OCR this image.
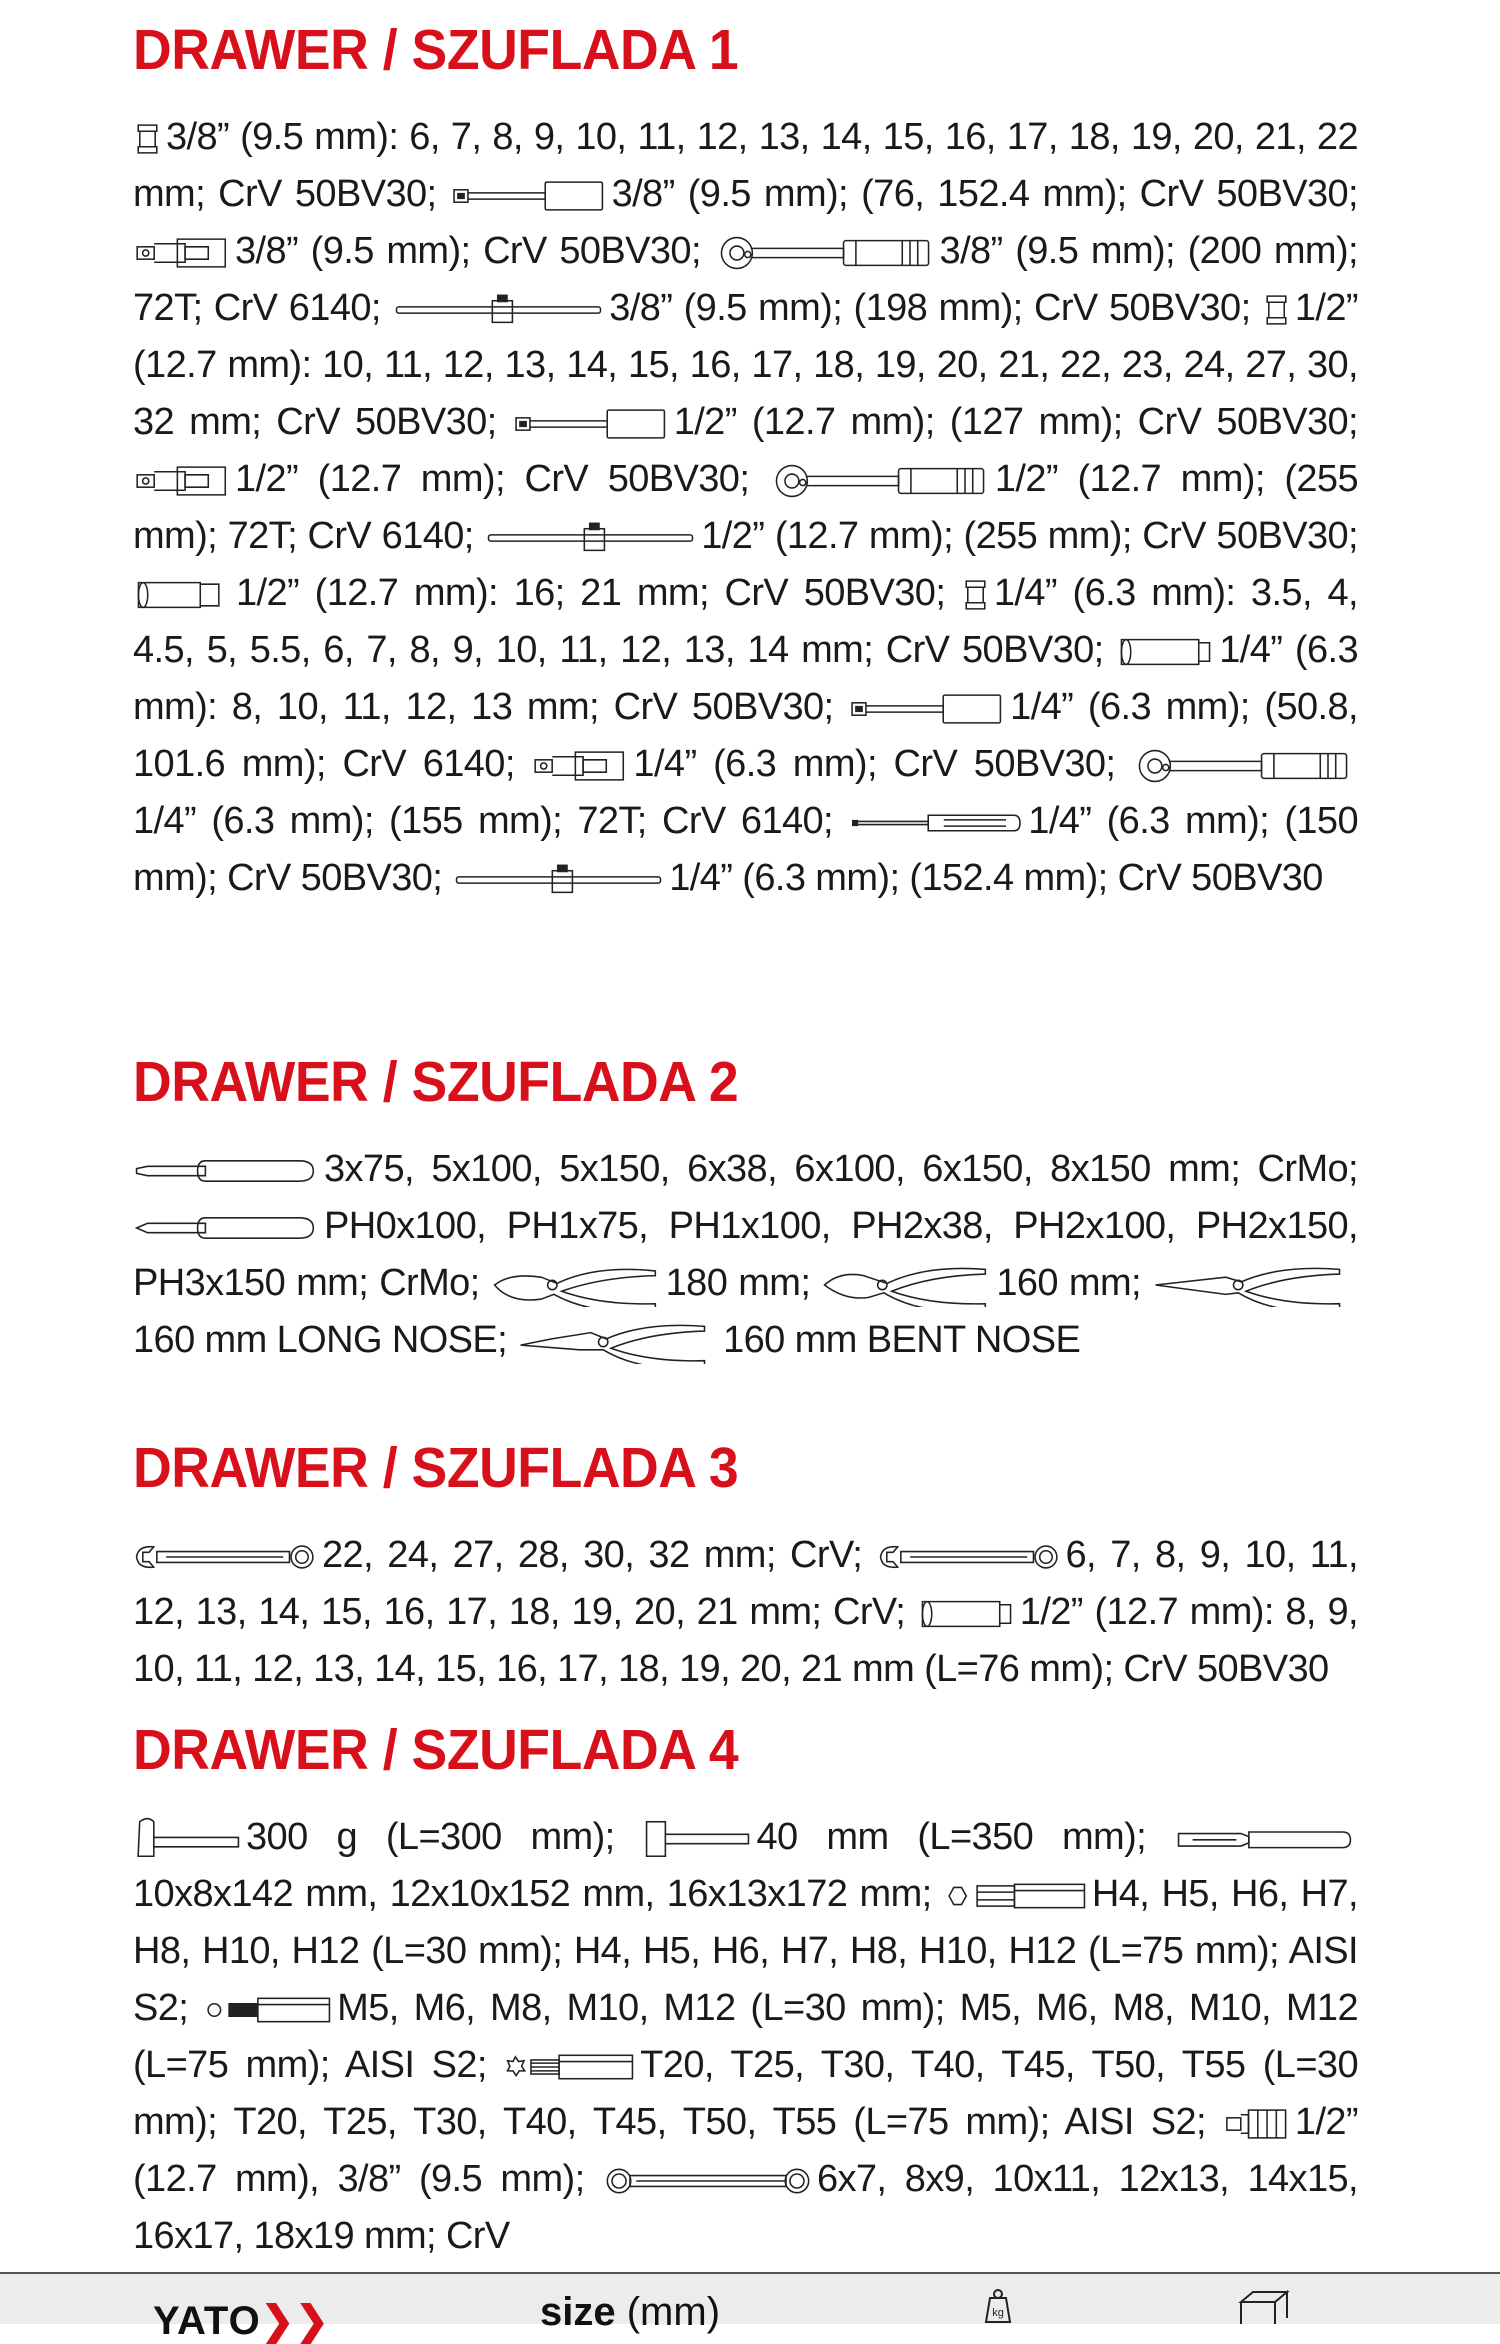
DRAWER / SZUFLADA 1

3/8” (9.5 mm): 6, 7, 8, 9, 10, 11, 12, 13, 14, 15, 16, 17, 18, 19, 20, 21, 22 mm; CrV 50BV30;	3/8” (9.5 mm); (76, 152.4 mm); CrV 50BV30;
3/8” (9.5 mm); CrV 50BV30;	3/8” (9.5 mm); (200 mm); 72T; CrV 6140;	3/8” (9.5 mm); (198 mm); CrV 50BV30;
1/2” (12.7 mm): 10, 11, 12, 13, 14, 15, 16, 17, 18, 19, 20, 21, 22, 23, 24, 27, 30, 32 mm; CrV 50BV30;	1/2” (12.7 mm); (127 mm); CrV 50BV30;
1/2” (12.7 mm); CrV 50BV30;	1/2” (12.7 mm); (255 mm); 72T; CrV 6140;	1/2” (12.7 mm); (255 mm); CrV 50BV30;
1/2” (12.7 mm): 16; 21 mm; CrV 50BV30;
1/4” (6.3 mm): 3.5, 4, 4.5, 5, 5.5, 6, 7, 8, 9, 10, 11, 12, 13, 14 mm; CrV 50BV30;	1/4” (6.3 mm): 8, 10, 11, 12, 13 mm; CrV 50BV30;	1/4” (6.3 mm); (50.8, 101.6 mm); CrV 6140;	1/4” (6.3 mm); CrV 50BV30;
1/4” (6.3 mm); (155 mm); 72T; CrV 6140;	1/4” (6.3 mm); (150 mm); CrV 50BV30;	1/4” (6.3 mm); (152.4 mm); CrV 50BV30

DRAWER / SZUFLADA 2

3x75, 5x100, 5x150, 6x38, 6x100, 6x150, 8x150 mm; CrMo;
PH0x100, PH1x75, PH1x100, PH2x38, PH2x100, PH2x150, PH3x150 mm; CrMo;	180 mm;	160 mm;
160 mm LONG NOSE;	160 mm BENT NOSE

DRAWER / SZUFLADA 3

22, 24, 27, 28, 30, 32 mm; CrV;	6, 7, 8, 9, 10, 11, 12, 13, 14, 15, 16, 17, 18, 19, 20, 21 mm; CrV;	1/2” (12.7 mm): 8, 9, 10, 11, 12, 13, 14, 15, 16, 17, 18, 19, 20, 21 mm (L=76 mm); CrV 50BV30

DRAWER / SZUFLADA 4

300 g (L=300 mm);	40 mm (L=350 mm);
10x8x142 mm, 12x10x152 mm, 16x13x172 mm;	H4, H5, H6, H7, H8, H10, H12 (L=30 mm); H4, H5, H6, H7, H8, H10, H12 (L=75 mm); AISI S2;	M5, M6, M8, M10, M12 (L=30 mm); M5, M6, M8, M10, M12 (L=75 mm); AISI S2;	T20, T25, T30, T40, T45, T50, T55 (L=30 mm); T20, T25, T30, T40, T45, T50, T55 (L=75 mm); AISI S2;
1/2” (12.7 mm), 3/8” (9.5 mm);	6x7, 8x9, 10x11, 12x13, 14x15, 16x17, 18x19 mm; CrV

YATO❯❯	size (mm)	kg
